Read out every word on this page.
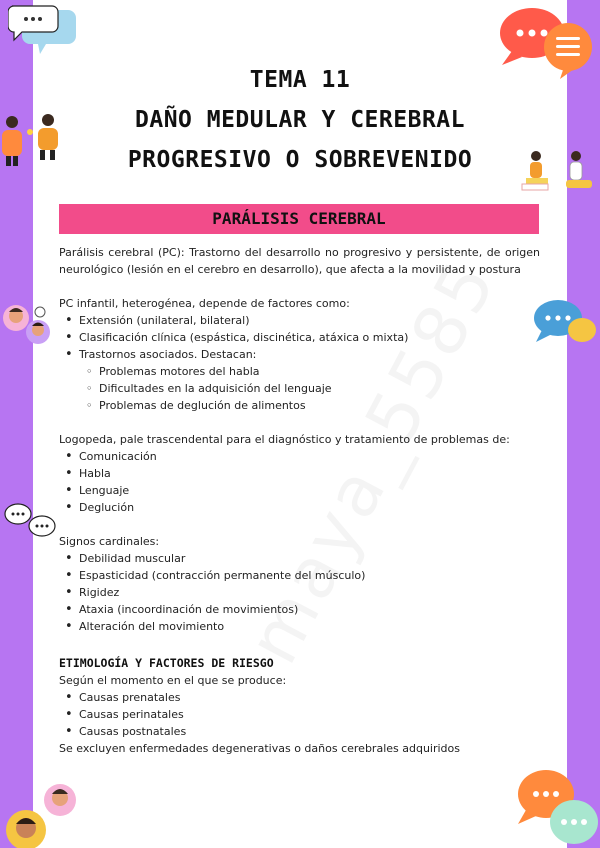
TEMA 11
DAÑO MEDULAR Y CEREBRAL
PROGRESIVO O SOBREVENIDO
PARÁLISIS CEREBRAL

Parálisis cerebral (PC): Trastorno del desarrollo no progresivo y persistente, de origen neurológico (lesión en el cerebro en desarrollo), que afecta a la movilidad y postura

PC infantil, heterogénea, depende de factores como:

• Extensión (unilateral, bilateral)
• Clasificación clínica (espástica, discinética, atáxica o mixta)
• Trastornos asociados. Destacan:
◦ Problemas motores del habla
◦ Dificultades en la adquisición del lenguaje
◦ Problemas de deglución de alimentos

Logopeda, pale trascendental para el diagnóstico y tratamiento de problemas de:

• Comunicación
• Habla
• Lenguaje
• Deglución

Signos cardinales:

• Debilidad muscular
• Espasticidad (contracción permanente del músculo)
• Rigidez
• Ataxia (incoordinación de movimientos)
• Alteración del movimiento
ETIMOLOGÍA Y FACTORES DE RIESGO

Según el momento en el que se produce:

• Causas prenatales
• Causas perinatales
• Causas postnatales

Se excluyen enfermedades degenerativas o daños cerebrales adquiridos
